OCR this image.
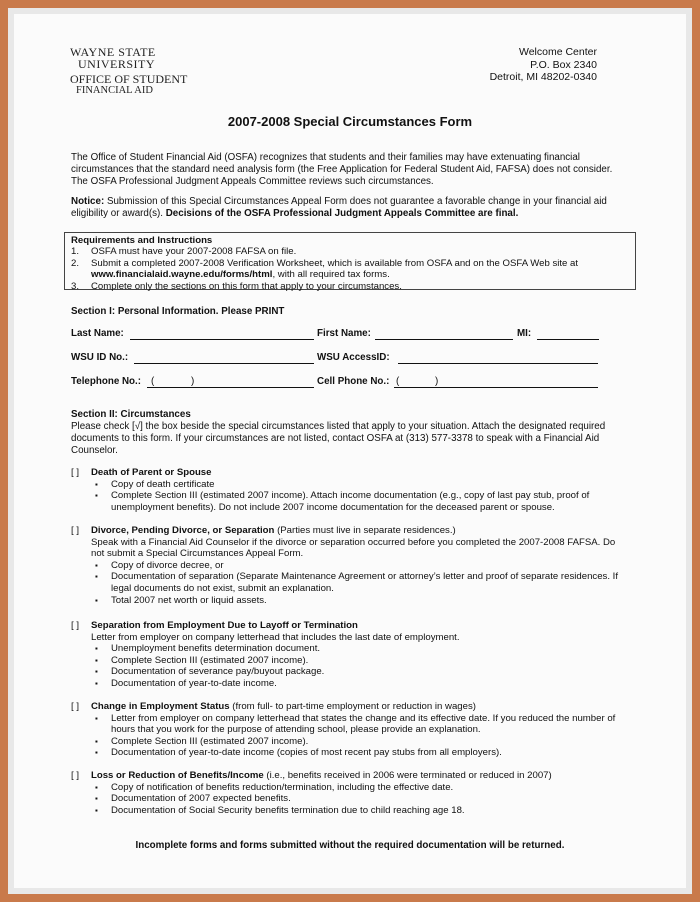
WAYNE STATE
UNIVERSITY
OFFICE OF STUDENT
FINANCIAL AID
Welcome Center
P.O. Box 2340
Detroit, MI 48202-0340
2007-2008 Special Circumstances Form
The Office of Student Financial Aid (OSFA) recognizes that students and their families may have extenuating financial circumstances that the standard need analysis form (the Free Application for Federal Student Aid, FAFSA) does not consider. The OSFA Professional Judgment Appeals Committee reviews such circumstances.
Notice: Submission of this Special Circumstances Appeal Form does not guarantee a favorable change in your financial aid eligibility or award(s). Decisions of the OSFA Professional Judgment Appeals Committee are final.
Requirements and Instructions
1. OSFA must have your 2007-2008 FAFSA on file.
2. Submit a completed 2007-2008 Verification Worksheet, which is available from OSFA and on the OSFA Web site at
www.financialaid.wayne.edu/forms/html, with all required tax forms.
3. Complete only the sections on this form that apply to your circumstances.
Section I: Personal Information. Please PRINT
Last Name:	First Name:	MI:
WSU ID No.:	WSU AccessID:
Telephone No.: (	)	Cell Phone No.: (	)
Section II: Circumstances
Please check [√] the box beside the special circumstances listed that apply to your situation. Attach the designated required documents to this form. If your circumstances are not listed, contact OSFA at (313) 577-3378 to speak with a Financial Aid Counselor.
[ ] Death of Parent or Spouse
▪ Copy of death certificate
▪ Complete Section III (estimated 2007 income). Attach income documentation (e.g., copy of last pay stub, proof of unemployment benefits). Do not include 2007 income documentation for the deceased parent or spouse.
[ ] Divorce, Pending Divorce, or Separation (Parties must live in separate residences.)
Speak with a Financial Aid Counselor if the divorce or separation occurred before you completed the 2007-2008 FAFSA. Do not submit a Special Circumstances Appeal Form.
▪ Copy of divorce decree, or
▪ Documentation of separation (Separate Maintenance Agreement or attorney’s letter and proof of separate residences. If legal documents do not exist, submit an explanation.
▪ Total 2007 net worth or liquid assets.
[ ] Separation from Employment Due to Layoff or Termination
Letter from employer on company letterhead that includes the last date of employment.
▪ Unemployment benefits determination document.
▪ Complete Section III (estimated 2007 income).
▪ Documentation of severance pay/buyout package.
▪ Documentation of year-to-date income.
[ ] Change in Employment Status (from full- to part-time employment or reduction in wages)
▪ Letter from employer on company letterhead that states the change and its effective date. If you reduced the number of hours that you work for the purpose of attending school, please provide an explanation.
▪ Complete Section III (estimated 2007 income).
▪ Documentation of year-to-date income (copies of most recent pay stubs from all employers).
[ ] Loss or Reduction of Benefits/Income (i.e., benefits received in 2006 were terminated or reduced in 2007)
▪ Copy of notification of benefits reduction/termination, including the effective date.
▪ Documentation of 2007 expected benefits.
▪ Documentation of Social Security benefits termination due to child reaching age 18.
Incomplete forms and forms submitted without the required documentation will be returned.
